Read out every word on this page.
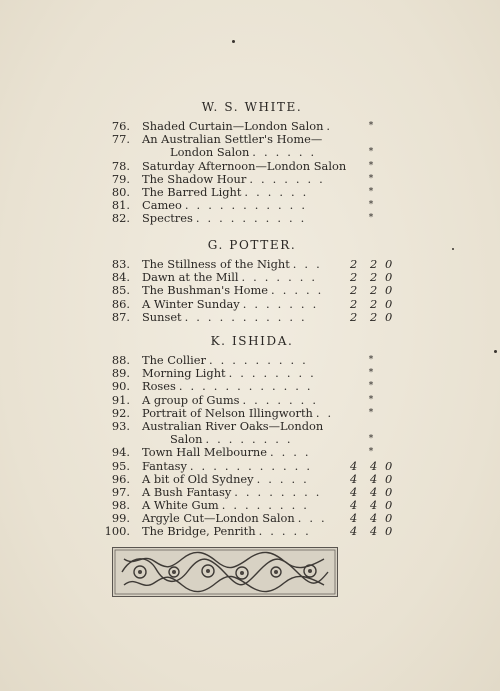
W. S. WHITE.
76. Shaded Curtain—London Salon .	*
77. An Australian Settler's Home—
London Salon . . . . . .	*
78. Saturday Afternoon—London Salon	*
79. The Shadow Hour . . . . . . .	*
80. The Barred Light . . . . . .	*
81. Cameo . . . . . . . . . . .	*
82. Spectres . . . . . . . . . .	*
G. POTTER.
83. The Stillness of the Night . . . 2 2 0
84. Dawn at the Mill . . . . . . .	2 2 0
85. The Bushman's Home . . . . . 2 2 0
86. A Winter Sunday . . . . . . .	2 2 0
87. Sunset . . . . . . . . . . .	2 2 0
K. ISHIDA.
88. The Collier . . . . . . . . .	*
89. Morning Light . . . . . . . .	*
90. Roses . . . . . . . . . . . .	*
91. A group of Gums . . . . . . .	*
92. Portrait of Nelson Illingworth . .	*
93. Australian River Oaks—London
Salon . . . . . . . .	*
94. Town Hall Melbourne . . . .	*
95. Fantasy . . . . . . . . . . .	4 4 0
96. A bit of Old Sydney . . . . .	4 4 0
97. A Bush Fantasy . . . . . . . . 4 4 0
98. A White Gum . . . . . . . .	4 4 0
99. Argyle Cut—London Salon . . . 4 4 0
100. The Bridge, Penrith . . . . .	4 4 0
